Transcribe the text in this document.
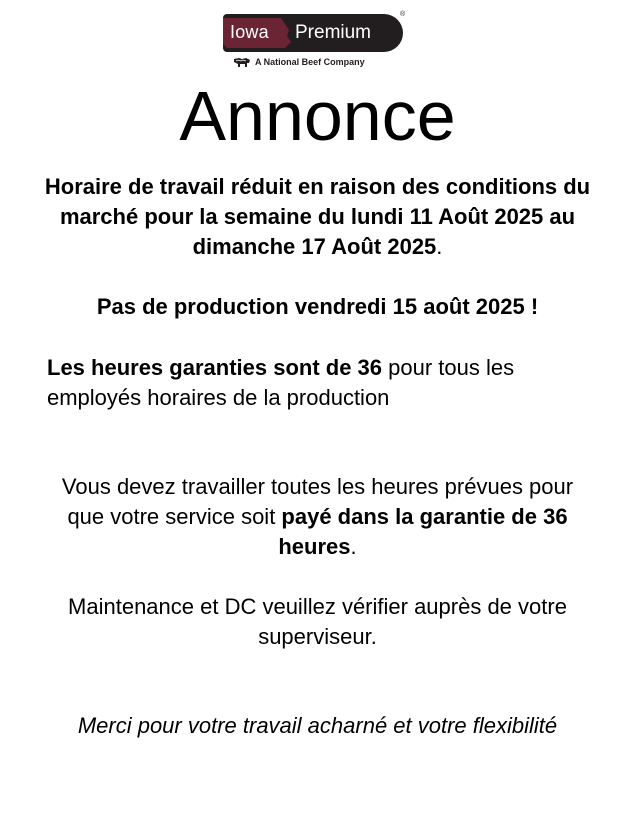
Iowa Premium
®
A National Beef Company
Annonce
Horaire de travail réduit en raison des conditions du marché pour la semaine du lundi 11 Août 2025 au dimanche 17 Août 2025.
Pas de production vendredi 15 août 2025 !
Les heures garanties sont de 36 pour tous les employés horaires de la production
Vous devez travailler toutes les heures prévues pour que votre service soit payé dans la garantie de 36 heures.
Maintenance et DC veuillez vérifier auprès de votre superviseur.
Merci pour votre travail acharné et votre flexibilité
